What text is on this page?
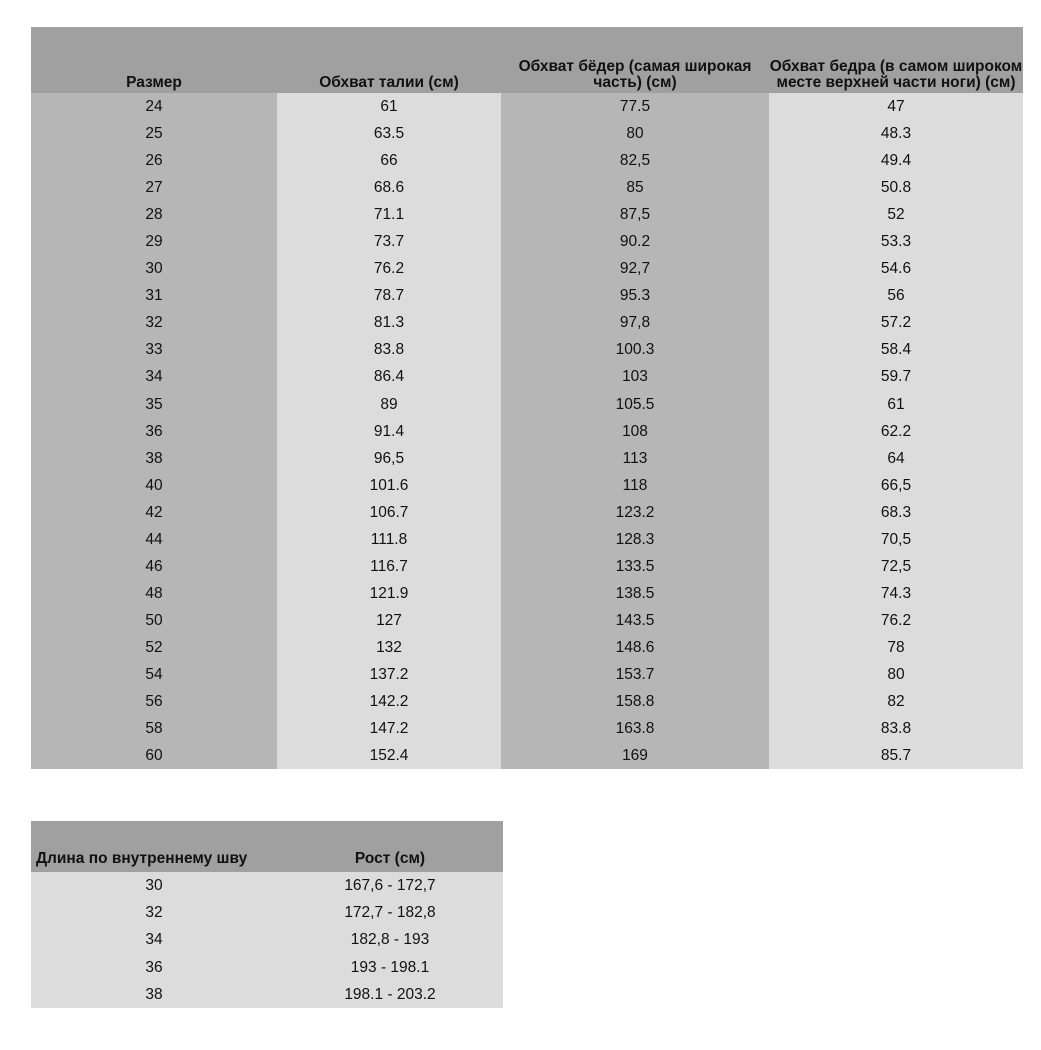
Размер	Обхват талии (см)	Обхват бёдер (самая широкая часть) (см)	Обхват бедра (в самом широком месте верхней части ноги) (см)
24	61	77.5	47
25	63.5	80	48.3
26	66	82,5	49.4
27	68.6	85	50.8
28	71.1	87,5	52
29	73.7	90.2	53.3
30	76.2	92,7	54.6
31	78.7	95.3	56
32	81.3	97,8	57.2
33	83.8	100.3	58.4
34	86.4	103	59.7
35	89	105.5	61
36	91.4	108	62.2
38	96,5	113	64
40	101.6	118	66,5
42	106.7	123.2	68.3
44	111.8	128.3	70,5
46	116.7	133.5	72,5
48	121.9	138.5	74.3
50	127	143.5	76.2
52	132	148.6	78
54	137.2	153.7	80
56	142.2	158.8	82
58	147.2	163.8	83.8
60	152.4	169	85.7
Длина по внутреннему шву	Рост (см)
30	167,6 - 172,7
32	172,7 - 182,8
34	182,8 - 193
36	193 - 198.1
38	198.1 - 203.2
